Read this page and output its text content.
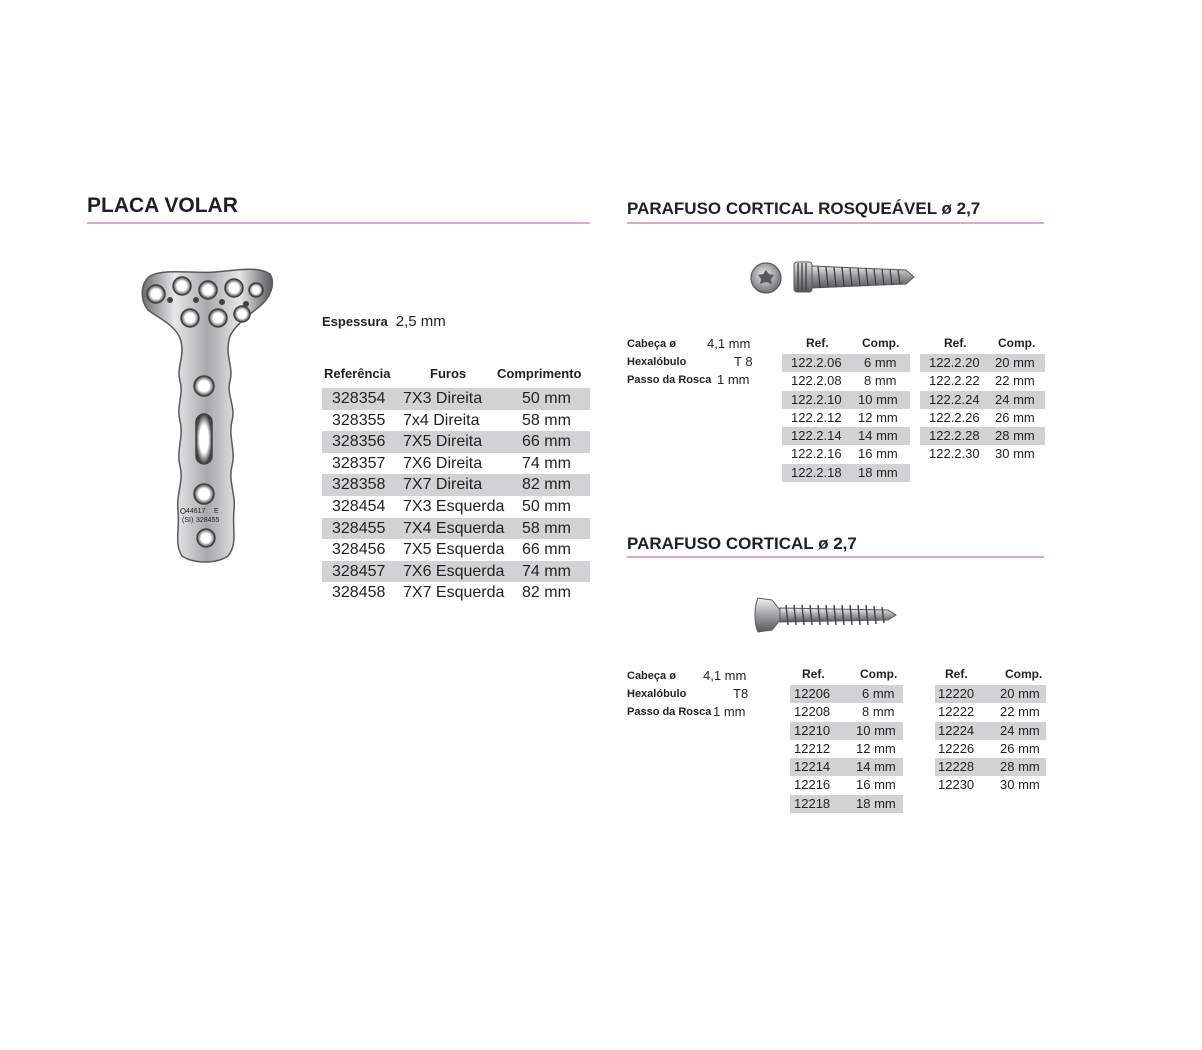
PLACA VOLAR
44617 E
(SI) 328455
Espessura 2,5 mm
Referência	Furos Comprimento
328354 7X3 Direita 50 mm
328355 7x4 Direita	58 mm
328356 7X5 Direita 66 mm
328357 7X6 Direita 74 mm
328358 7X7 Direita 82 mm
328454 7X3 Esquerda 50 mm
328455 7X4 Esquerda 58 mm
328456 7X5 Esquerda 66 mm
328457 7X6 Esquerda 74 mm
328458 7X7 Esquerda 82 mm
PARAFUSO CORTICAL ROSQUEÁVEL ø 2,7
Cabeça ø 4,1 mm
Hexalóbulo	T 8
Passo da Rosca 1 mm
Ref.	Comp.
122.2.06 6 mm
122.2.08 8 mm
122.2.10 10 mm
122.2.12 12 mm
122.2.14 14 mm
122.2.16 16 mm
122.2.18 18 mm
Ref.	Comp.
122.2.20 20 mm
122.2.22 22 mm
122.2.24 24 mm
122.2.26 26 mm
122.2.28 28 mm
122.2.30 30 mm
PARAFUSO CORTICAL ø 2,7
Cabeça ø 4,1 mm
Hexalóbulo	T8
Passo da Rosca 1 mm
Ref.	Comp.
12206 6 mm
12208 8 mm
12210 10 mm
12212 12 mm
12214 14 mm
12216 16 mm
12218 18 mm
Ref.	Comp.
12220 20 mm
12222 22 mm
12224 24 mm
12226 26 mm
12228 28 mm
12230 30 mm
